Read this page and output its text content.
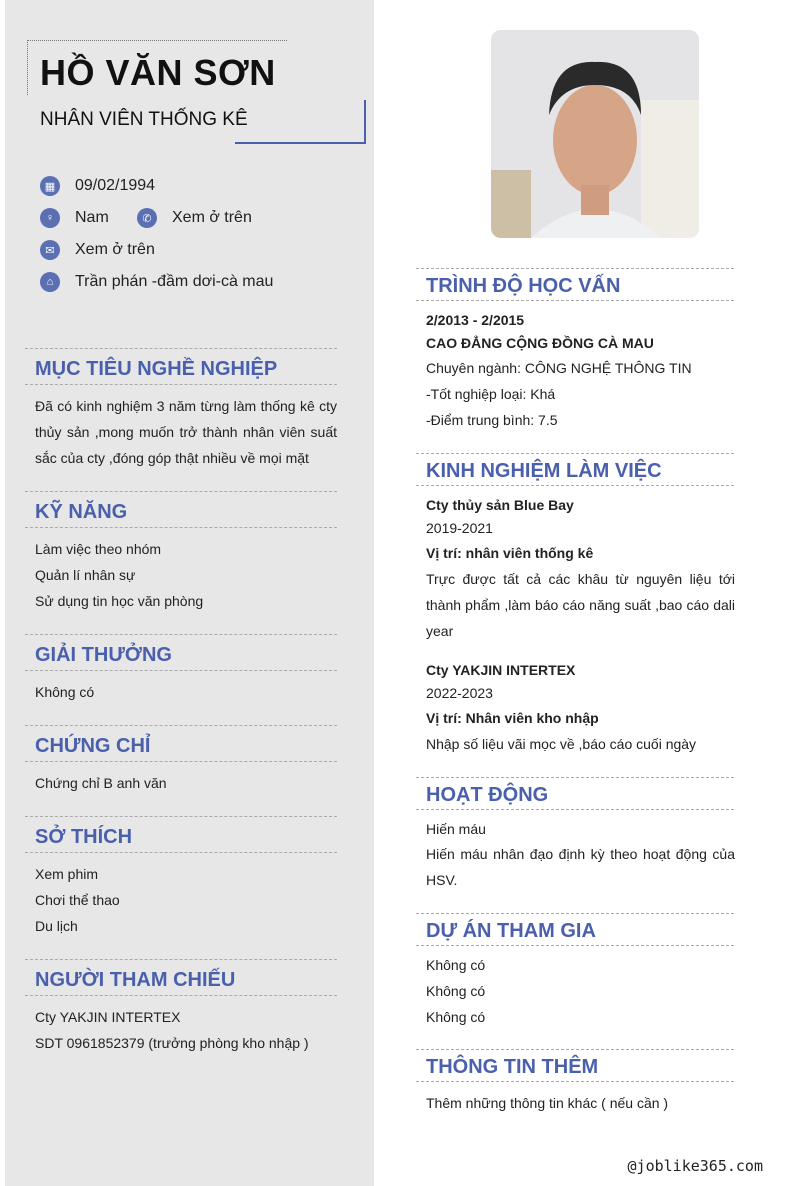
HỒ VĂN SƠN
NHÂN VIÊN THỐNG KÊ
▦ 09/02/1994
♀	Nam	✆	Xem ở trên
✉	Xem ở trên
⌂	Trần phán -đầm dơi-cà mau
MỤC TIÊU NGHỀ NGHIỆP
Đã có kinh nghiệm 3 năm từng làm thống kê cty thủy sản ,mong muốn trở thành nhân viên suất sắc của cty ,đóng góp thật nhiều về mọi mặt
KỸ NĂNG
Làm việc theo nhóm
Quản lí nhân sự
Sử dụng tin học văn phòng
GIẢI THƯỞNG
Không có
CHỨNG CHỈ
Chứng chỉ B anh văn
SỞ THÍCH
Xem phim
Chơi thể thao
Du lịch
NGƯỜI THAM CHIẾU
Cty YAKJIN INTERTEX
SDT 0961852379 (trưởng phòng kho nhập )
TRÌNH ĐỘ HỌC VẤN
2/2013 - 2/2015
CAO ĐẲNG CỘNG ĐỒNG CÀ MAU
Chuyên ngành: CÔNG NGHỆ THÔNG TIN
-Tốt nghiệp loại: Khá
-Điểm trung bình: 7.5
KINH NGHIỆM LÀM VIỆC
Cty thủy sản Blue Bay
2019-2021
Vị trí: nhân viên thống kê
Trực được tất cả các khâu từ nguyên liệu tới thành phẩm ,làm báo cáo năng suất ,bao cáo dali year
Cty YAKJIN INTERTEX
2022-2023
Vị trí: Nhân viên kho nhập
Nhập số liệu vãi mọc về ,báo cáo cuối ngày
HOẠT ĐỘNG
Hiến máu
Hiến máu nhân đạo định kỳ theo hoạt động của HSV.
DỰ ÁN THAM GIA
Không có
Không có
Không có
THÔNG TIN THÊM
Thêm những thông tin khác ( nếu cần )
@joblike365.com
